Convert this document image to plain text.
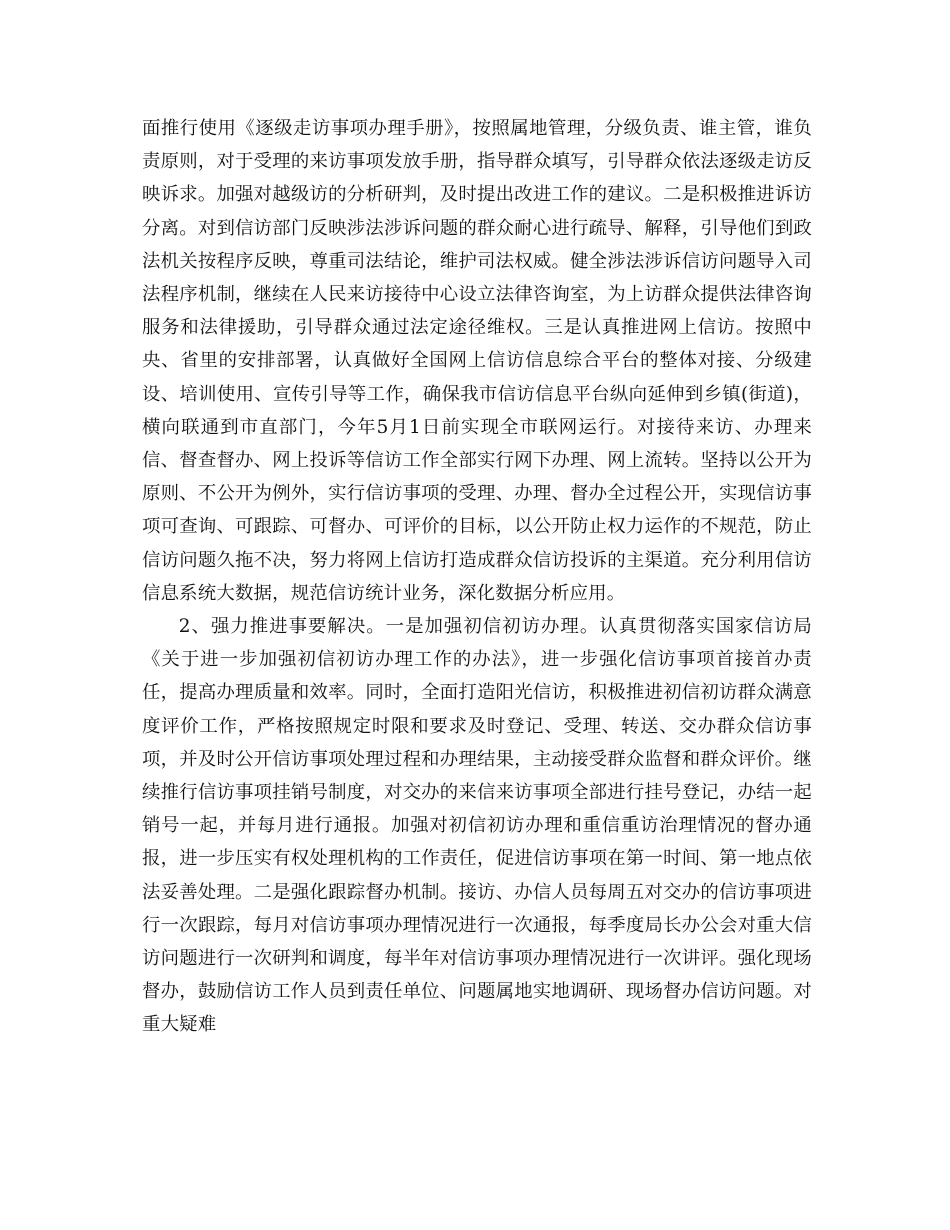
面推行使用《逐级走访事项办理手册》，按照属地管理，分级负责、谁主管，谁负责原则，对于受理的来访事项发放手册，指导群众填写，引导群众依法逐级走访反映诉求。加强对越级访的分析研判，及时提出改进工作的建议。二是积极推进诉访分离。对到信访部门反映涉法涉诉问题的群众耐心进行疏导、解释，引导他们到政法机关按程序反映，尊重司法结论，维护司法权威。健全涉法涉诉信访问题导入司法程序机制，继续在人民来访接待中心设立法律咨询室，为上访群众提供法律咨询服务和法律援助，引导群众通过法定途径维权。三是认真推进网上信访。按照中央、省里的安排部署，认真做好全国网上信访信息综合平台的整体对接、分级建设、培训使用、宣传引导等工作，确保我市信访信息平台纵向延伸到乡镇(街道)，横向联通到市直部门，今年5月1日前实现全市联网运行。对接待来访、办理来信、督查督办、网上投诉等信访工作全部实行网下办理、网上流转。坚持以公开为原则、不公开为例外，实行信访事项的受理、办理、督办全过程公开，实现信访事项可查询、可跟踪、可督办、可评价的目标，以公开防止权力运作的不规范，防止信访问题久拖不决，努力将网上信访打造成群众信访投诉的主渠道。充分利用信访信息系统大数据，规范信访统计业务，深化数据分析应用。

2、强力推进事要解决。一是加强初信初访办理。认真贯彻落实国家信访局《关于进一步加强初信初访办理工作的办法》，进一步强化信访事项首接首办责任，提高办理质量和效率。同时，全面打造阳光信访，积极推进初信初访群众满意度评价工作，严格按照规定时限和要求及时登记、受理、转送、交办群众信访事项，并及时公开信访事项处理过程和办理结果，主动接受群众监督和群众评价。继续推行信访事项挂销号制度，对交办的来信来访事项全部进行挂号登记，办结一起销号一起，并每月进行通报。加强对初信初访办理和重信重访治理情况的督办通报，进一步压实有权处理机构的工作责任，促进信访事项在第一时间、第一地点依法妥善处理。二是强化跟踪督办机制。接访、办信人员每周五对交办的信访事项进行一次跟踪，每月对信访事项办理情况进行一次通报，每季度局长办公会对重大信访问题进行一次研判和调度，每半年对信访事项办理情况进行一次讲评。强化现场督办，鼓励信访工作人员到责任单位、问题属地实地调研、现场督办信访问题。对重大疑难
